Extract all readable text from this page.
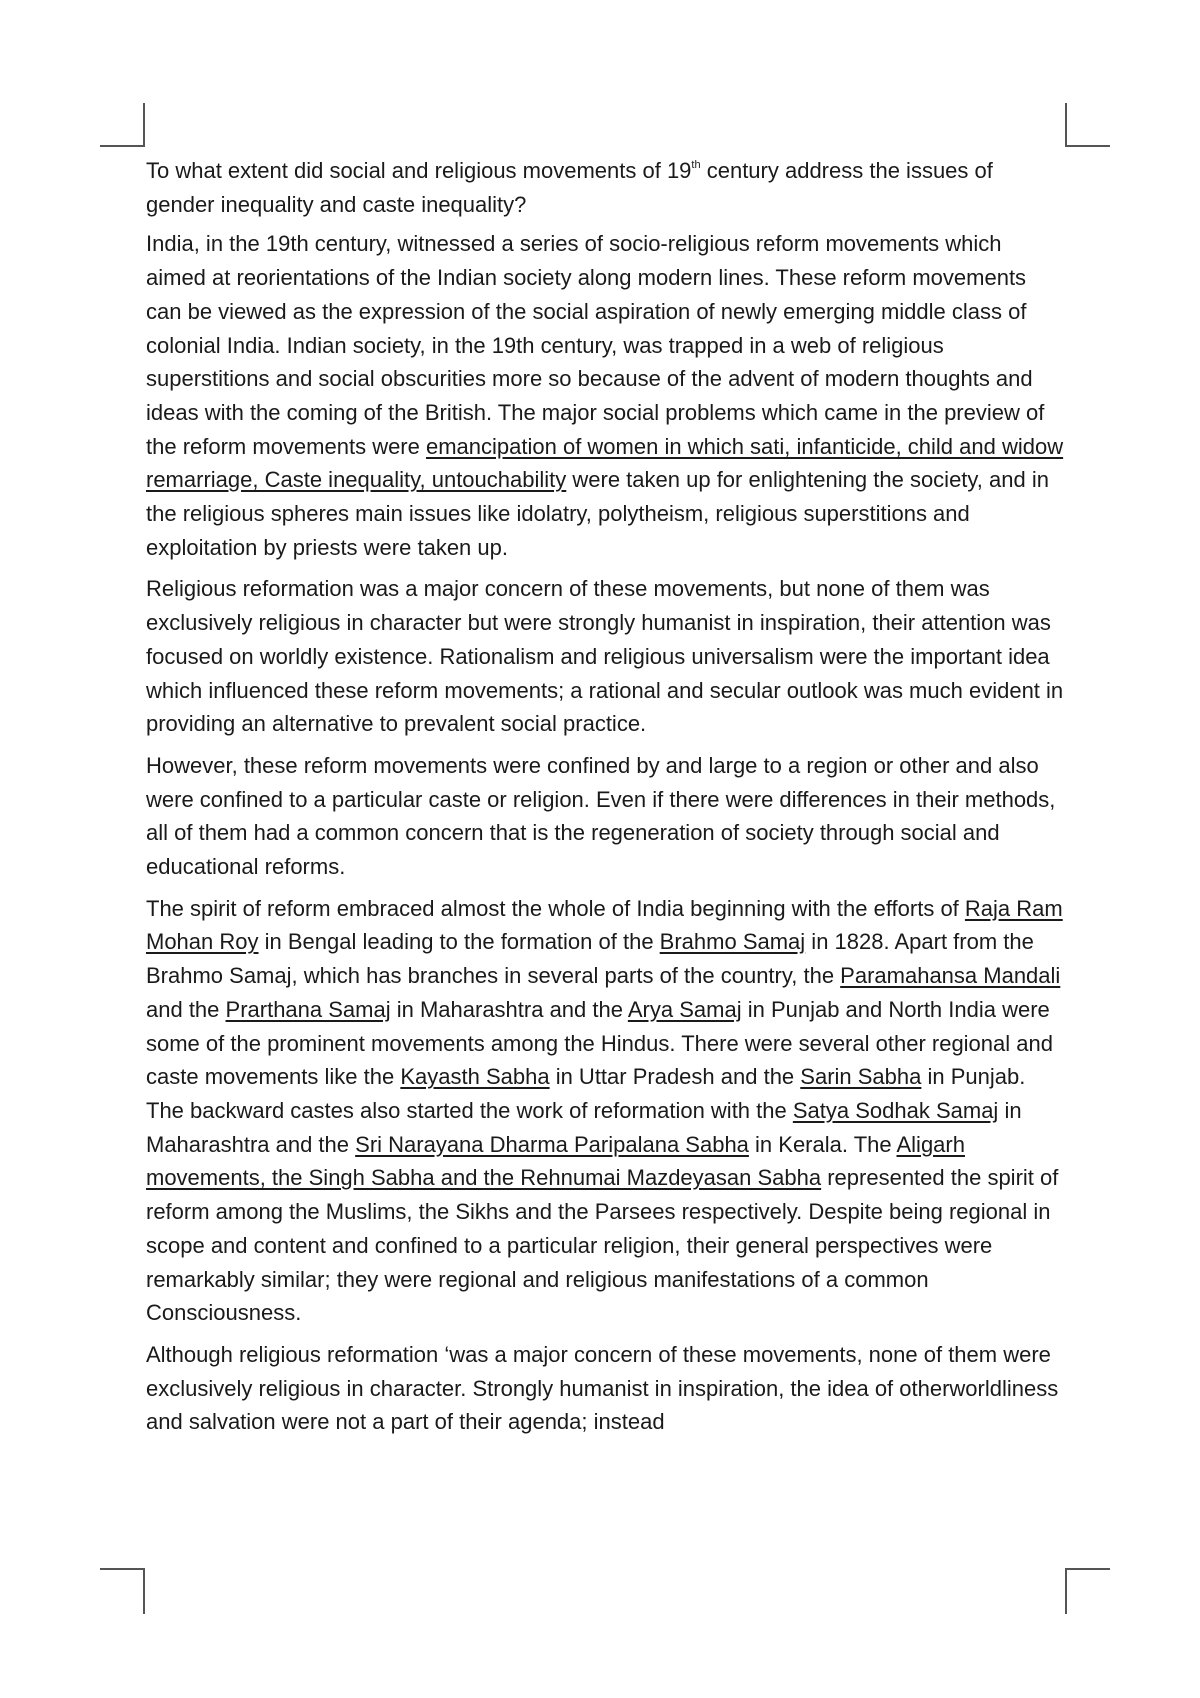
To what extent did social and religious movements of 19th century address the issues of gender inequality and caste inequality?

India, in the 19th century, witnessed a series of socio-religious reform movements which aimed at reorientations of the Indian society along modern lines. These reform movements can be viewed as the expression of the social aspiration of newly emerging middle class of colonial India. Indian society, in the 19th century, was trapped in a web of religious superstitions and social obscurities more so because of the advent of modern thoughts and ideas with the coming of the British. The major social problems which came in the preview of the reform movements were emancipation of women in which sati, infanticide, child and widow remarriage, Caste inequality, untouchability were taken up for enlightening the society, and in the religious spheres main issues like idolatry, polytheism, religious superstitions and exploitation by priests were taken up.

Religious reformation was a major concern of these movements, but none of them was exclusively religious in character but were strongly humanist in inspiration, their attention was focused on worldly existence. Rationalism and religious universalism were the important idea which influenced these reform movements; a rational and secular outlook was much evident in providing an alternative to prevalent social practice.

However, these reform movements were confined by and large to a region or other and also were confined to a particular caste or religion. Even if there were differences in their methods, all of them had a common concern that is the regeneration of society through social and educational reforms.

The spirit of reform embraced almost the whole of India beginning with the efforts of Raja Ram Mohan Roy in Bengal leading to the formation of the Brahmo Samaj in 1828. Apart from the Brahmo Samaj, which has branches in several parts of the country, the Paramahansa Mandali and the Prarthana Samaj in Maharashtra and the Arya Samaj in Punjab and North India were some of the prominent movements among the Hindus. There were several other regional and caste movements like the Kayasth Sabha in Uttar Pradesh and the Sarin Sabha in Punjab. The backward castes also started the work of reformation with the Satya Sodhak Samaj in Maharashtra and the Sri Narayana Dharma Paripalana Sabha in Kerala. The Aligarh movements, the Singh Sabha and the Rehnumai Mazdeyasan Sabha represented the spirit of reform among the Muslims, the Sikhs and the Parsees respectively. Despite being regional in scope and content and confined to a particular religion, their general perspectives were remarkably similar; they were regional and religious manifestations of a common Consciousness.

Although religious reformation ‘was a major concern of these movements, none of them were exclusively religious in character. Strongly humanist in inspiration, the idea of otherworldliness and salvation were not a part of their agenda; instead
